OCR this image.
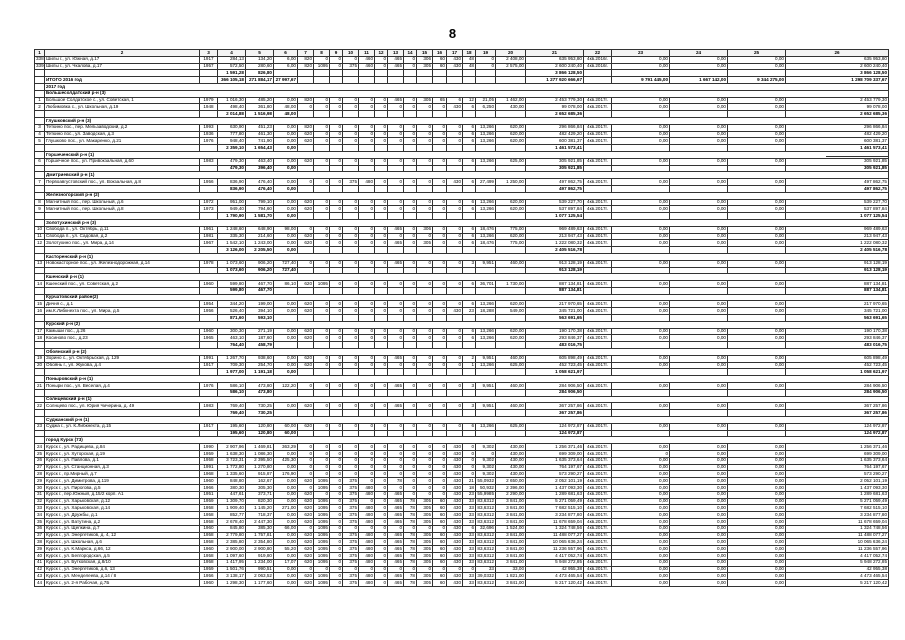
8
1	2	3	4	5	6	7	8	9	10	11	12	13	14	15	16	17	18	19	20	21	22	23	24	25	26
338	Шилы г., ул. Южная, д.17	1917	284,13	134,20	6,00	820	0	0	0	460	0	465	0	306	60	430	48	0	2 408,00	635 953,80	4кв.2016г.	0,00	0,00	0,00	635 953,80
339	Шилы г., ул. Чкалова, д.17	1957	572,50	280,60	6,00	820	1095	0	375	460	0	465	0	305	60	430	48	0	2 575,00	2 600 240,40	4кв.2016г.	0,00	0,00	0,00	2 600 240,40
			1 591,28	826,80																3 866 128,50					3 866 128,50
	ИТОГО 2016 год		366 105,18	271 884,17	27 997,67															1 277 920 666,67		9 791 445,00	1 667 142,00	9 344 275,00	1 298 709 337,67
	2017 год																								
	Большесолдатский р-н (3)																								
1	Большое Солдатское с., ул. Советская, 1	1979	1 016,30	485,20	0,00	820	0	0	0	0	0	465	0	305	65	6	12	21,05	1 462,00	2 453 779,30	4кв.2017г.	0,00	0,00	0,00	2 453 779,30
2	Любимовка с., ул. Школьная, д.19	1948	498,40	361,80	48,00	0	0	0	0	0	0	0	0	0	0	430	6	6,250	430,00	99 078,00	4кв.2017г.	0,00	0,00	0,00	99 078,00
			2 014,88	1 516,98	48,00															2 652 685,36					2 652 685,36
	Глушковский р-н (3)																								
3	Теткино пос., пер. Мельзаводский, д.2	1993	630,90	451,23	0,00	820	0	0	0	0	0	0	0	0	0	0	6	13,266	620,00	296 866,84	4кв.2017г.	0,00	0,00	0,00	296 866,84
4	Теткино пос., ул. Заводская, д.3	1936	777,80	461,30	0,00	620	0	0	0	0	0	0	0	0	0	0	6	13,266	620,00	482 429,20	4кв.2017г.	0,00	0,00	0,00	482 429,20
5	Глушково пос., ул. Макаренко, д.21	1976	948,40	741,90	0,00	620	0	0	0	0	0	0	0	0	0	0	6	13,266	620,00	600 381,37	4кв.2017г.	0,00	0,00	0,00	600 381,37
			2 359,10	1 654,43	0,00															1 461 573,41					1 461 573,41
	Горшеченский р-н (1)																								
6	Горшечное пос., ул. Привокзальная, д.60	1983	479,30	463,40	0,00	620	0	0	0	0	0	0	0	0	0	0	6	13,266	625,00	305 921,85	4кв.2017г.	0,00	0,00	0,00	305 921,85
			479,30	396,40	0,00															305 921,85					305 921,85
	Дмитриевский р-н (1)																								
7	Первоавгустовский пос., ул. Вокзальная, д.8	1956	836,90	476,40	0,00	0	0	0	375	480	0	0	0	0	0	430	6	27,499	1 250,00	497 862,75	4кв.2017г.	0,00	0,00	0,00	497 862,75
			836,90	476,40	0,00															497 862,75					497 862,75
	Железногорский р-н (2)																								
8	Магнитный пос., пер. Школьный, д.6	1972	951,00	799,10	0,00	620	0	0	0	0	0	0	0	0	0	0	6	13,266	620,00	539 227,70	4кв.2017г.	0,00	0,00	0,00	539 227,70
9	Магнитный пос., пер. Школьный, д.8	1973	949,40	794,60	0,00	620	0	0	0	0	0	0	0	0	0	0	6	13,266	620,00	537 897,84	4кв.2017г.	0,00	0,00	0,00	537 897,84
			1 790,90	1 581,70	0,00															1 077 125,54					1 077 125,54
	Золотухинский р-н (3)																								
10	Свобода п., ул. Октябрь, д.11	1961	1 248,60	648,90	98,00	0	0	0	0	0	0	465	0	306	0	0	6	18,476	775,00	969 489,63	4кв.2017г.	0,00	0,00	0,00	969 489,63
11	Свобода п., ул. Садовая, д.2	1981	335,30	214,60	0,00	620	0	0	0	0	0	0	0	0	0	0	6	13,266	620,00	213 947,43	4кв.2017г.	0,00	0,00	0,00	213 947,43
12	Золотухино пос., ул. Мира, д.14	1967	1 542,10	1 243,00	0,00	620	0	0	0	0	0	465	0	305	0	0	6	18,476	775,00	1 222 080,32	4кв.2017г.	0,00	0,00	0,00	1 222 080,32
			3 126,00	2 205,50	0,00															2 405 516,78					2 405 516,78
	Касторенский р-н (1)																								
13	Новокасторное пос., ул. Железнодорожная, д.14	1978	1 073,60	906,20	727,40	0	0	0	0	0	0	465	0	0	0	0	3	9,951	460,00	913 128,19	4кв.2017г.	0,00	0,00	0,00	913 128,19
			1 073,60	906,20	727,40															913 128,19					913 128,19
	Кшенский р-н (1)																								
14	Кшенский пос., ул. Советская, д.2	1960	599,80	467,70	86,10	620	1095	0	0	0	0	0	0	0	0	0	6	36,701	1 730,00	887 134,81	4кв.2017г.	0,00	0,00	0,00	887 134,81
			599,80	467,70																887 134,81					887 134,81
	Курчатовский район(2)																								
15	Дичня с., д.1	1954	344,20	199,00	0,00	620	0	0	0	0	0	0	0	0	0	0	6	13,266	620,00	217 970,65	4кв.2017г.	0,00	0,00	0,00	217 970,65
16	им.К.Либкнехта пос., ул. Мира, д.5	1956	526,40	394,10	0,00	620	0	0	0	0	0	0	0	0	0	430	23	18,288	549,00	345 721,00	4кв.2017г.	0,00	0,00	0,00	345 721,00
			871,60	593,10																563 691,65					563 691,65
	Курский р-н (2)																								
17	Камыши пос., д.26	1960	300,30	271,19	0,00	620	0	0	0	0	0	0	0	0	0	0	6	13,266	620,00	190 170,38	4кв.2017г.	0,00	0,00	0,00	190 170,38
18	Косиново пос., д.23	1965	463,10	187,60	0,00	620	0	0	0	0	0	0	0	0	0	0	6	13,266	620,00	293 846,37	4кв.2017г.	0,00	0,00	0,00	293 846,37
			764,40	458,79																483 016,75					483 016,75
	Обоянский р-н (2)																								
19	Зорино с., ул. Октябрьская, д. 129	1991	1 267,70	938,60	0,00	620	0	0	0	0	0	465	0	0	0	0	2	9,951	460,00	605 898,49	4кв.2017г.	0,00	0,00	0,00	605 898,49
20	Обоянь г., ул. Жукова, д.4	1917	709,30	254,70	0,00	620	0	0	0	0	0	0	0	0	0	0	1	13,266	625,00	452 723,45	4кв.2017г.	0,00	0,00	0,00	452 723,45
			1 977,00	1 191,18	0,00															1 058 621,97					1 058 621,97
	Поныровский р-н (1)																								
21	Поныри пос., ул. Веселая, д.4	1976	586,10	473,80	122,20	0	0	0	0	0	0	465	0	0	0	0	3	9,951	460,00	284 906,50	4кв.2017г.	0,00	0,00	0,00	284 906,50
			586,10	473,80																284 906,50					284 906,50
	Солнцевский р-н (1)																								
22	Солнцево пос., ул. Юрия Чичерина, д. 49	1983	769,40	730,25	0,00	620	0	0	0	0	0	465	0	0	0	0	3	9,951	460,00	367 257,86	4кв.2017г.	0,00	0,00	0,00	367 257,86
			769,40	730,25																367 257,86					367 257,86
	Суджанский р-н (1)																								
23	Суджа г., ул. К.Либкнехта, д.15	1917	195,60	120,80	60,00	620	0	0	0	0	0	0	0	0	0	0	6	13,266	625,00	124 972,87	4кв.2017г.	0,00	0,00	0,00	124 972,87
			195,60	120,80	60,00															124 972,87					124 972,87
	город Курск (73)																								
24	Курск г., ул. Радищева, д.84	1990	2 907,96	1 469,81	363,29	0	0	0	0	0	0	0	0	0	0	430	0	9,302	430,00	1 256 371,46	4кв.2017г.	0,00	0,00	0,00	1 256 371,46
25	Курск г., ул. Хуторская, д.19	1959	1 638,30	1 086,30	0,00	0	0	0	0	0	0	0	0	0	0	430	0	0	430,00	699 309,00	4кв.2017г.	0	0,00	0,00	699 309,00
26	Курск г., ул. Павлова, д.1	1958	3 723,31	2 395,50	425,30	0	0	0	0	0	0	0	0	0	0	430	0	9,302	430,00	1 635 373,64	4кв.2017г.	0,00	0,00	0,00	1 635 373,64
27	Курск г., ул. Станционная, д.3	1991	1 772,80	1 270,80	0,00	0	0	0	0	0	0	0	0	0	0	430	0	9,302	430,00	764 197,67	4кв.2017г.	0,00	0,00	0,00	764 197,67
28	Курск г., пр.Мирный, д.7	1968	1 335,60	915,87	176,90	0	0	0	0	0	0	0	0	0	0	430	0	9,302	430,00	573 290,27	4кв.2017г.	0,00	0,00	0,00	573 290,27
29	Курск г., ул. Димитрова, д.119	1960	848,80	162,67	0,00	620	1095	0	375	0	0	78	0	0	0	430	21	55,0932	2 650,00	2 052 101,19	4кв.2017г.	0,00	0,00	0,00	2 052 101,19
30	Курск г., ул. Пирогова, д.5	1966	380,30	305,30	0,00	0	1095	0	375	480	0	0	0	0	0	430	18	50,932	2 396,00	1 437 093,30	4кв.2017г.	0,00	0,00	0,00	1 437 093,30
31	Курск г., пер.Южный, д.15/2 корп. А1	1951	447,61	373,71	0,00	620	0	0	375	480	0	465	0	0	0	430	23	55,9985	2 290,00	1 289 681,63	4кв.2017г.	0,00	0,00	0,00	1 289 681,63
32	Курск г., ул. Харьковская, д.12	1959	1 309,70	820,30	0,00	620	1095	0	375	0	0	465	78	305	60	430	33	83,6312	3 841,00	5 271 059,49	4кв.2017г.	0,00	0,00	0,00	5 271 059,49
33	Курск г., ул. Харьковская, д.14	1958	1 909,40	1 145,20	271,00	620	1095	0	375	480	0	465	78	305	60	430	33	83,6312	3 841,00	7 682 515,10	4кв.2017г.	0,00	0,00	0,00	7 682 515,10
34	Курск г., ул. Дружбы, д.1	1958	852,77	718,37	0,00	620	1095	0	375	480	0	465	78	305	60	430	33	83,6312	3 841,00	3 234 877,80	4кв.2017г.	0,00	0,00	0,00	3 234 877,80
35	Курск г., ул. Ватутина, д.2	1958	2 678,40	2 447,30	0,00	620	1095	0	375	480	0	465	78	305	60	430	33	83,6312	3 841,00	11 678 659,04	4кв.2017г.	0,00	0,00	0,00	11 678 659,04
36	Курск г., ул. Щепкина, д.7	1960	845,80	385,30	66,00	0	1095	0	0	0	0	0	0	0	0	430	6	32,696	1 524,00	1 324 748,56	4кв.2017г.	0,00	0,00	0,00	1 324 748,56
37	Курск г., ул. Энергетиков, д. 4, 12	1958	2 779,80	1 757,81	0,00	620	1095	0	375	480	0	465	78	305	60	430	33	83,6312	3 841,00	11 488 077,27	4кв.2017г.	0,00	0,00	0,00	11 488 077,27
38	Курск г., ул. Школьная, д.6	1958	2 385,80	2 354,80	0,00	620	1095	0	375	480	0	465	78	305	60	430	33	83,6312	3 841,00	10 065 636,24	4кв.2017г.	0,00	0,00	0,00	10 065 636,24
39	Курск г., ул. К.Маркса, д.66, 12	1960	2 900,00	2 900,80	55,20	620	1095	0	375	480	0	465	78	305	60	430	33	83,6312	3 841,00	11 236 557,96	4кв.2017г.	0,00	0,00	0,00	11 236 557,96
40	Курск г., ул. Белгородская, д.5	1958	1 097,60	919,80	0,00	620	1095	0	375	480	0	465	78	305	60	430	33	83,6312	3 841,00	4 417 052,74	4кв.2017г.	0,00	0,00	0,00	4 417 052,74
41	Курск г., ул. Бутковская, д.8/10	1958	1 417,95	1 234,00	17,07	620	1095	0	375	480	0	465	78	305	60	430	33	83,6312	3 841,00	5 948 272,85	4кв.2017г.	0,00	0,00	0,00	5 948 272,85
42	Курск г., ул. Энергетиков, д.6, 13	1959	1 501,76	990,51	0,00	0	0	0	0	0	0	0	0	0	0	0	0	33	33,00	42 955,38	4кв.2017г.	0,00	0,00	0,00	42 955,38
43	Курск г., ул. Менделеева, д.14 / 8	1956	3 138,17	2 063,52	0,00	620	1095	0	375	480	0	465	78	305	60	430	33	39,0332	1 821,00	4 473 465,54	4кв.2017г.	0,00	0,00	0,00	4 473 465,54
44	Курск г., ул. 2-я Рабочая, д.7Б	1960	1 298,30	1 177,60	0,00	620	1095	0	375	480	0	465	78	305	60	430	33	83,6312	3 841,00	5 217 120,42	4кв.2017г.	0,00	0,00	0,00	5 217 120,42
